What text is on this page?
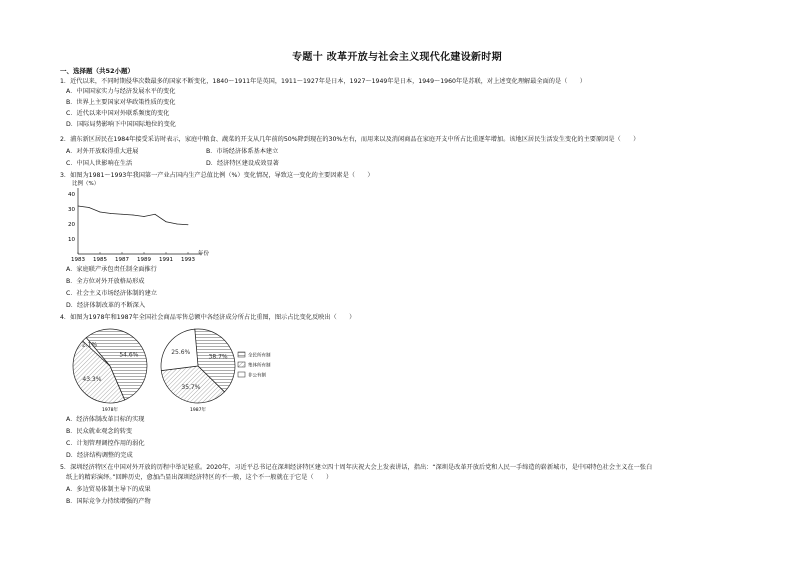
专题十 改革开放与社会主义现代化建设新时期
一、选择题（共52小题）
1．近代以来，不同时期侵华次数最多的国家不断变化，1840～1911年是英国，1911～1927年是日本，1927～1949年是日本，1949～1960年是苏联，对上述变化理解最全面的是（　　）
A．中国国家实力与经济发展水平的变化
B．世界上主要国家对华政策性质的变化
C．近代以来中国对外联系频度的变化
D．国际局势影响下中国国际地位的变化
2．浦东新区居民在1984年接受采访时表示，家庭中粮食、蔬菜的开支从几年前的50%降到现在的30%左右，而用来以及消闲商品在家庭开支中所占比重逐年增加。该地区居民生活发生变化的主要原因是（　　）
A．对外开放取得重大进展	B．市场经济体系基本建立
C．中国人世影响在生活	D．经济特区建设成效显著
3．如图为1981～1993年我国第一产业占国内生产总值比例（%）变化情况，导致这一变化的主要因素是（　　）
比例（%）
年份
10
20
30
40
1983 1985 1987 1989 1991 1993
A．家庭联产承包责任制全面推行
B．全方位对外开放格局形成
C．社会主义市场经济体制的建立
D．经济体制改革的不断深入
4．如图为1978年和1987年全国社会商品零售总额中各经济成分所占比重图，图示占比变化反映出（　　）
54.6%
43.3%
2.1%
1978年
38.7%
35.7%
25.6%
1987年
全民所有制
集体所有制
非公有制
A．经济体制改革目标的实现
B．民众就业观念的转变
C．计划管理调控作用的弱化
D．经济结构调整的完成
5．深圳经济特区在中国对外开放的历程中举足轻重。2020年，习近平总书记在深圳经济特区建立四十周年庆祝大会上发表讲话，指出：“深圳是改革开放后党和人民一手缔造的崭新城市，是中国特色社会主义在一张白
纸上的精彩演绎。”回眸历史，愈加凸显出深圳经济特区的不一般，这个不一般就在于它是（　　）
A．多边贸易体制主导下的成果
B．国际竞争力持续增强的产物
